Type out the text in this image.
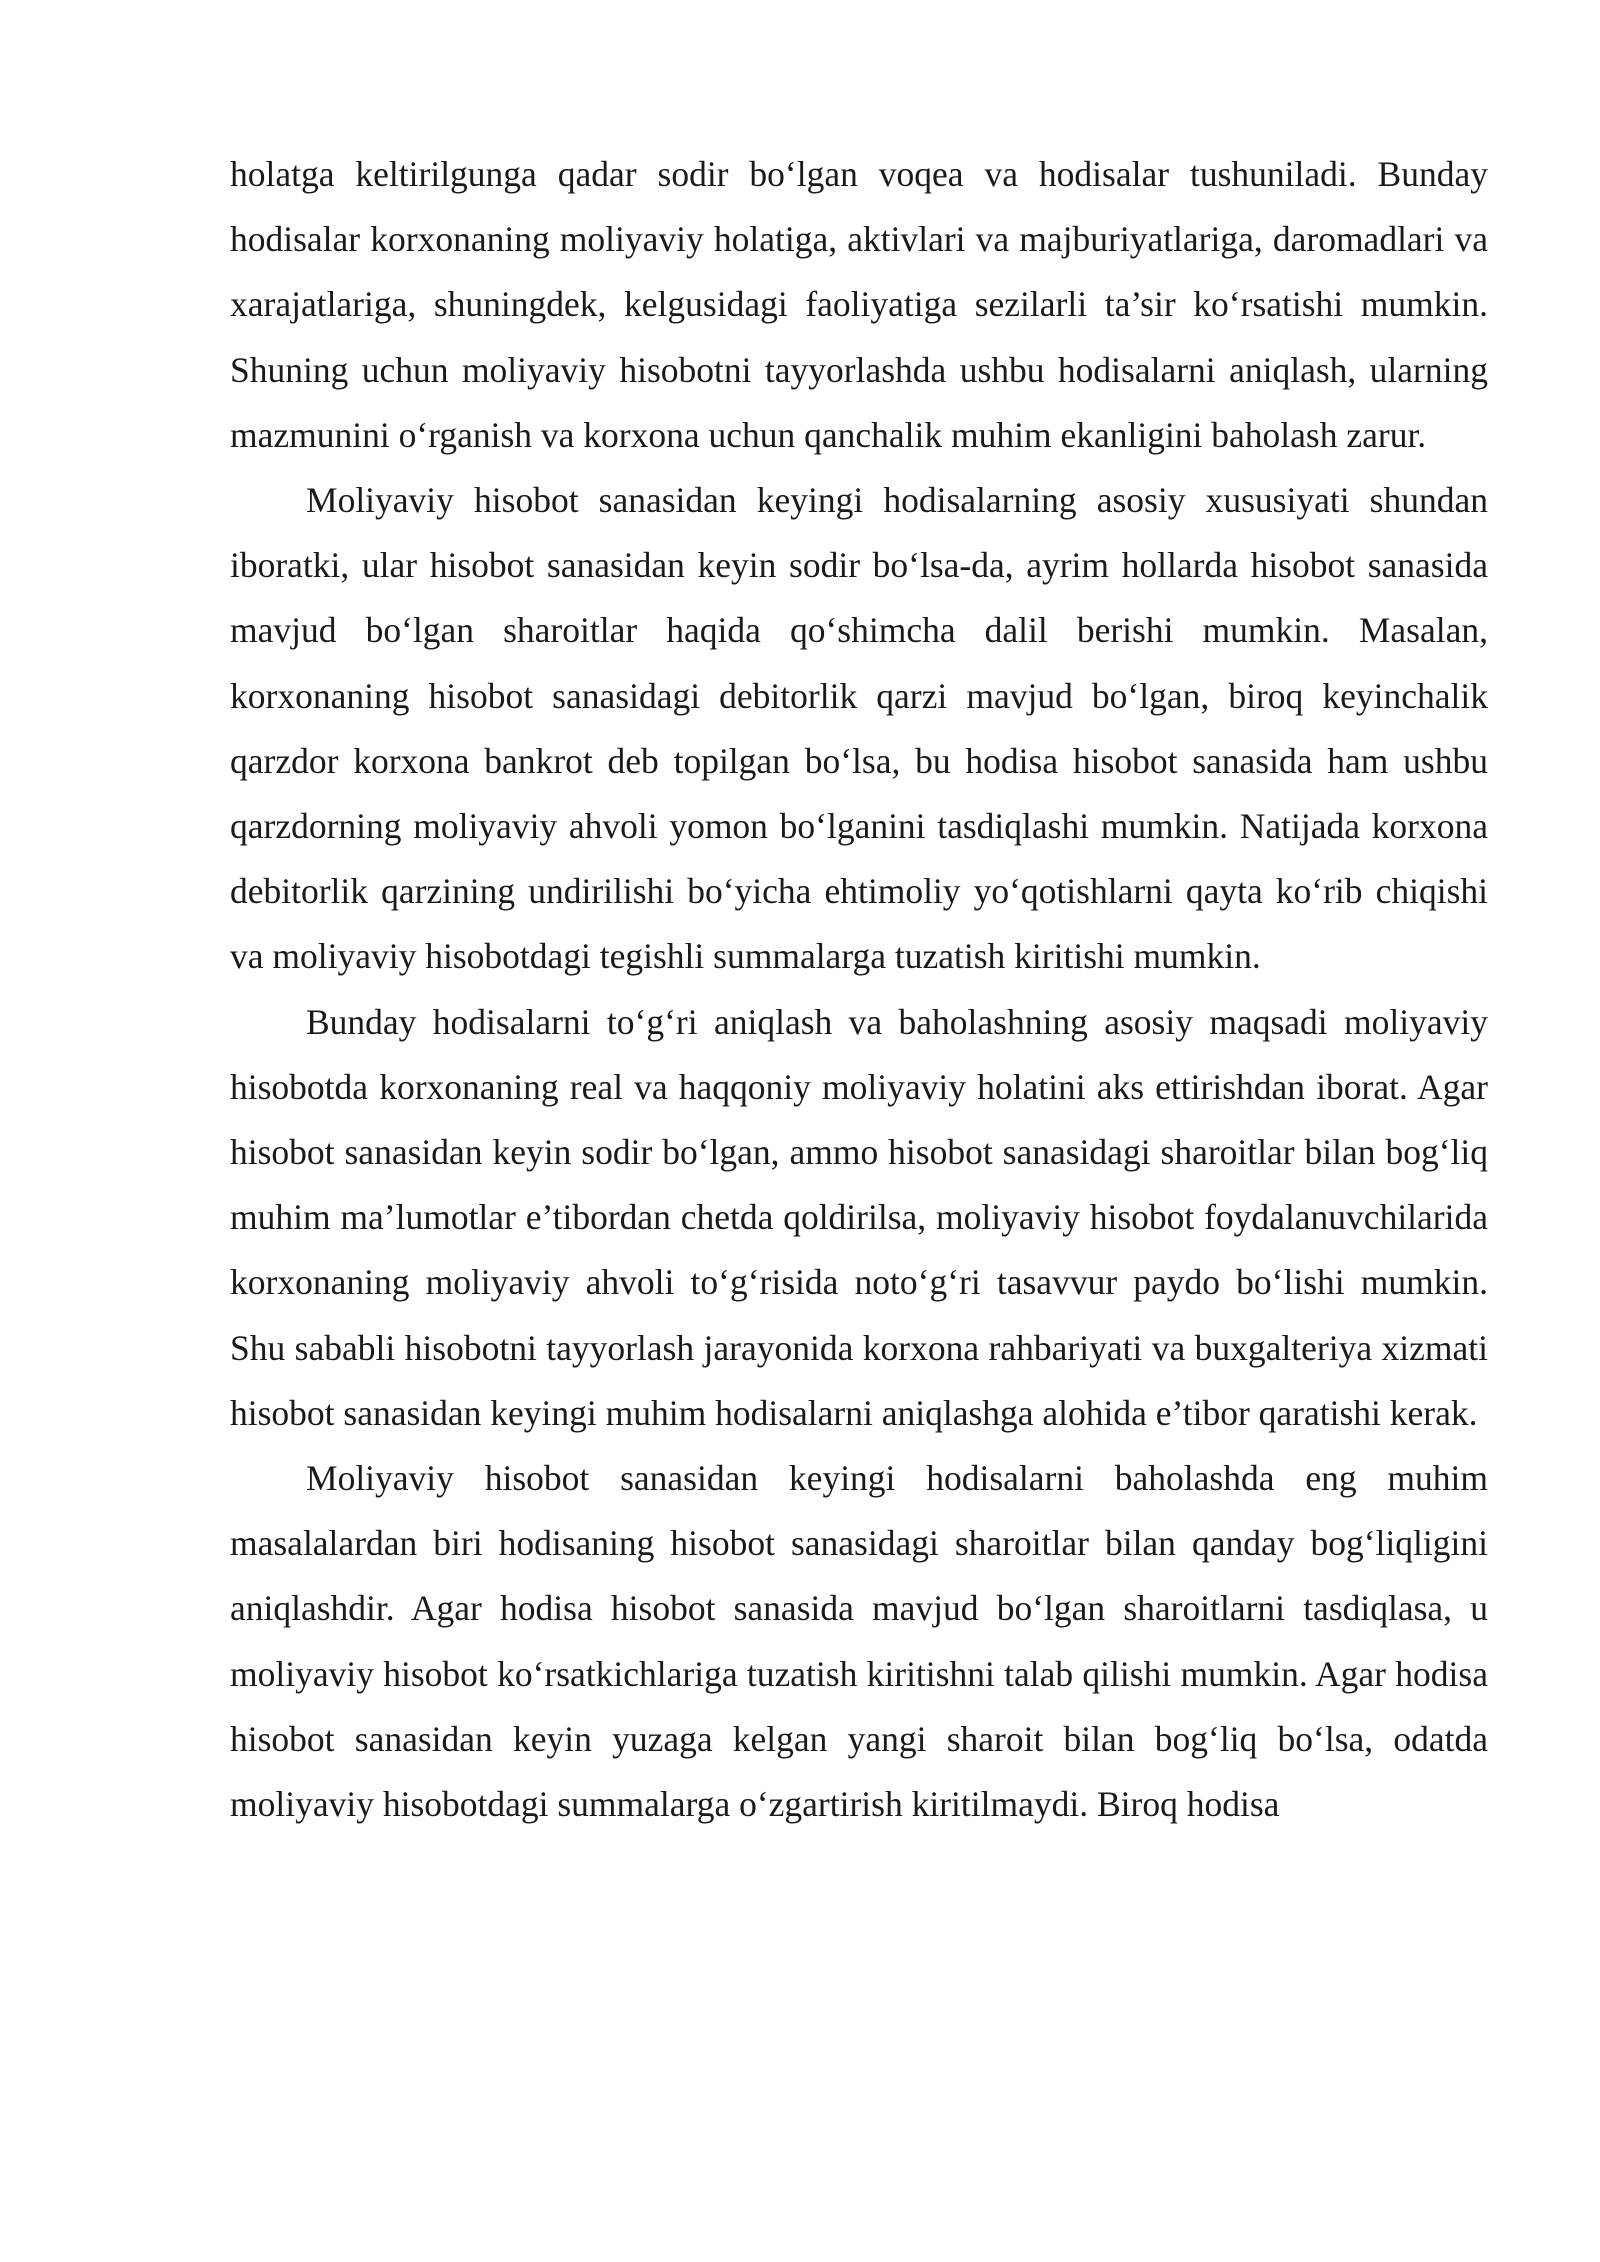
holatga keltirilgunga qadar sodir bo‘lgan voqea va hodisalar tushuniladi. Bunday hodisalar korxonaning moliyaviy holatiga, aktivlari va majburiyatlariga, daromadlari va xarajatlariga, shuningdek, kelgusidagi faoliyatiga sezilarli ta’sir ko‘rsatishi mumkin. Shuning uchun moliyaviy hisobotni tayyorlashda ushbu hodisalarni aniqlash, ularning mazmunini o‘rganish va korxona uchun qanchalik muhim ekanligini baholash zarur.

Moliyaviy hisobot sanasidan keyingi hodisalarning asosiy xususiyati shundan iboratki, ular hisobot sanasidan keyin sodir bo‘lsa-da, ayrim hollarda hisobot sanasida mavjud bo‘lgan sharoitlar haqida qo‘shimcha dalil berishi mumkin. Masalan, korxonaning hisobot sanasidagi debitorlik qarzi mavjud bo‘lgan, biroq keyinchalik qarzdor korxona bankrot deb topilgan bo‘lsa, bu hodisa hisobot sanasida ham ushbu qarzdorning moliyaviy ahvoli yomon bo‘lganini tasdiqlashi mumkin. Natijada korxona debitorlik qarzining undirilishi bo‘yicha ehtimoliy yo‘qotishlarni qayta ko‘rib chiqishi va moliyaviy hisobotdagi tegishli summalarga tuzatish kiritishi mumkin.

Bunday hodisalarni to‘g‘ri aniqlash va baholashning asosiy maqsadi moliyaviy hisobotda korxonaning real va haqqoniy moliyaviy holatini aks ettirishdan iborat. Agar hisobot sanasidan keyin sodir bo‘lgan, ammo hisobot sanasidagi sharoitlar bilan bog‘liq muhim ma’lumotlar e’tibordan chetda qoldirilsa, moliyaviy hisobot foydalanuvchilarida korxonaning moliyaviy ahvoli to‘g‘risida noto‘g‘ri tasavvur paydo bo‘lishi mumkin. Shu sababli hisobotni tayyorlash jarayonida korxona rahbariyati va buxgalteriya xizmati hisobot sanasidan keyingi muhim hodisalarni aniqlashga alohida e’tibor qaratishi kerak.

Moliyaviy hisobot sanasidan keyingi hodisalarni baholashda eng muhim masalalardan biri hodisaning hisobot sanasidagi sharoitlar bilan qanday bog‘liqligini aniqlashdir. Agar hodisa hisobot sanasida mavjud bo‘lgan sharoitlarni tasdiqlasa, u moliyaviy hisobot ko‘rsatkichlariga tuzatish kiritishni talab qilishi mumkin. Agar hodisa hisobot sanasidan keyin yuzaga kelgan yangi sharoit bilan bog‘liq bo‘lsa, odatda moliyaviy hisobotdagi summalarga o‘zgartirish kiritilmaydi. Biroq hodisa
